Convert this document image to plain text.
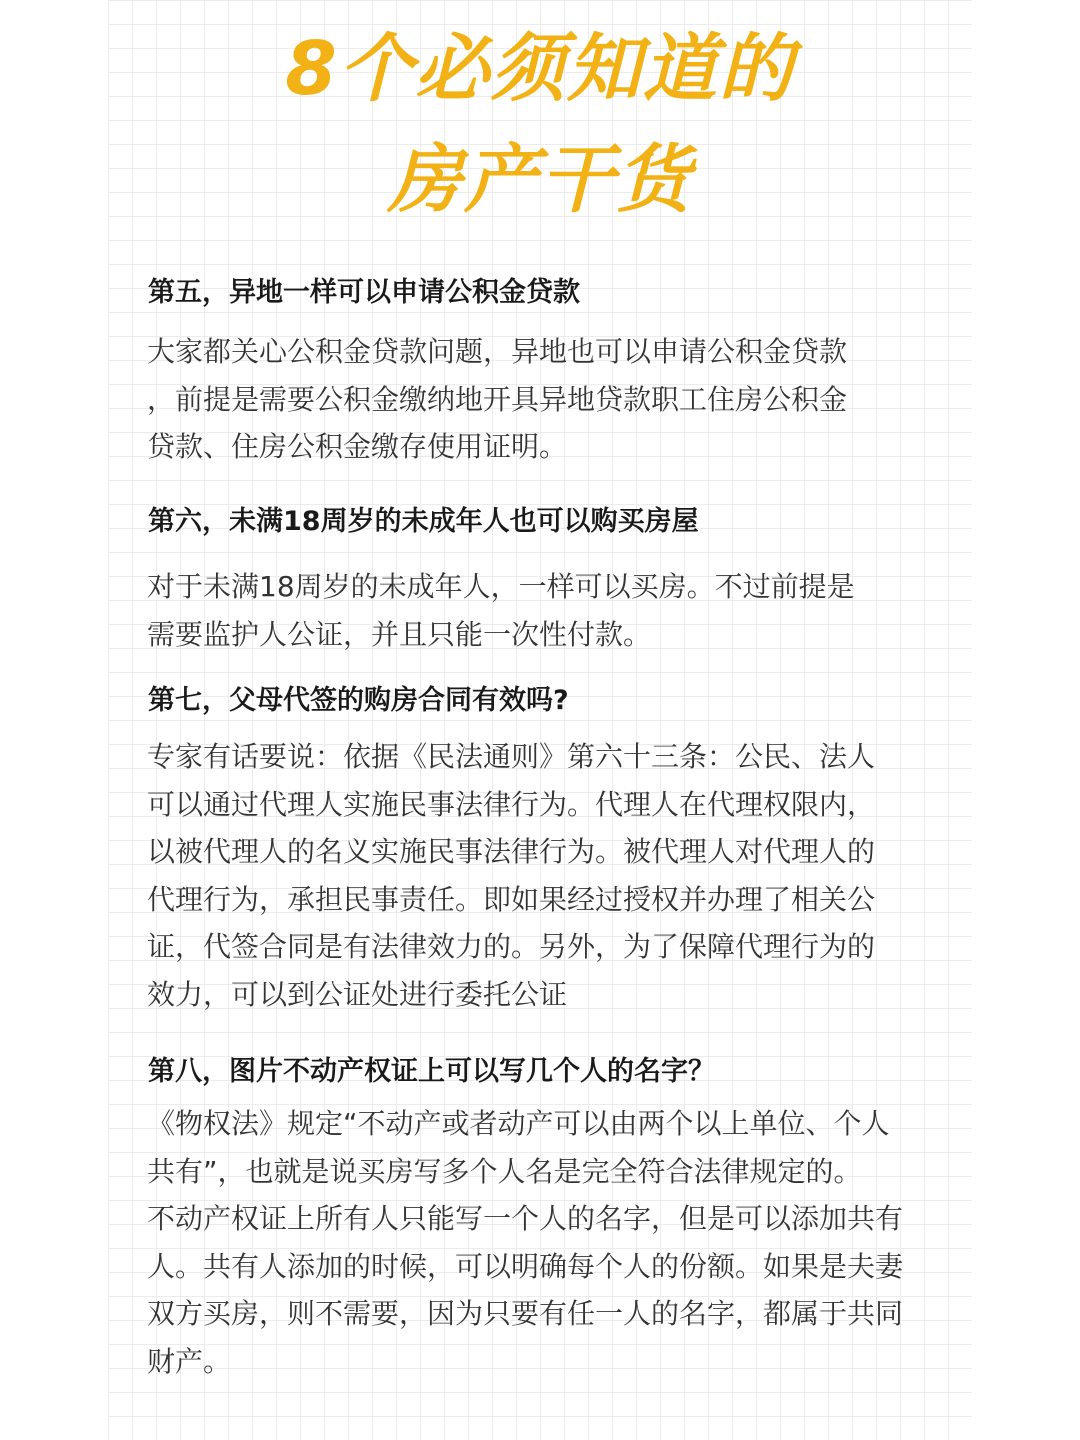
8个必须知道的
房产干货
第五，异地一样可以申请公积金贷款
大家都关心公积金贷款问题，异地也可以申请公积金贷款
，前提是需要公积金缴纳地开具异地贷款职工住房公积金
贷款、住房公积金缴存使用证明。
第六，未满18周岁的未成年人也可以购买房屋
对于未满18周岁的未成年人，一样可以买房。不过前提是
需要监护人公证，并且只能一次性付款。
第七，父母代签的购房合同有效吗?
专家有话要说：依据《民法通则》第六十三条：公民、法人
可以通过代理人实施民事法律行为。代理人在代理权限内，
以被代理人的名义实施民事法律行为。被代理人对代理人的
代理行为，承担民事责任。即如果经过授权并办理了相关公
证，代签合同是有法律效力的。另外，为了保障代理行为的
效力，可以到公证处进行委托公证
第八，图片不动产权证上可以写几个人的名字？
《物权法》规定“不动产或者动产可以由两个以上单位、个人
共有”，也就是说买房写多个人名是完全符合法律规定的。
不动产权证上所有人只能写一个人的名字，但是可以添加共有
人。共有人添加的时候，可以明确每个人的份额。如果是夫妻
双方买房，则不需要，因为只要有任一人的名字，都属于共同
财产。
